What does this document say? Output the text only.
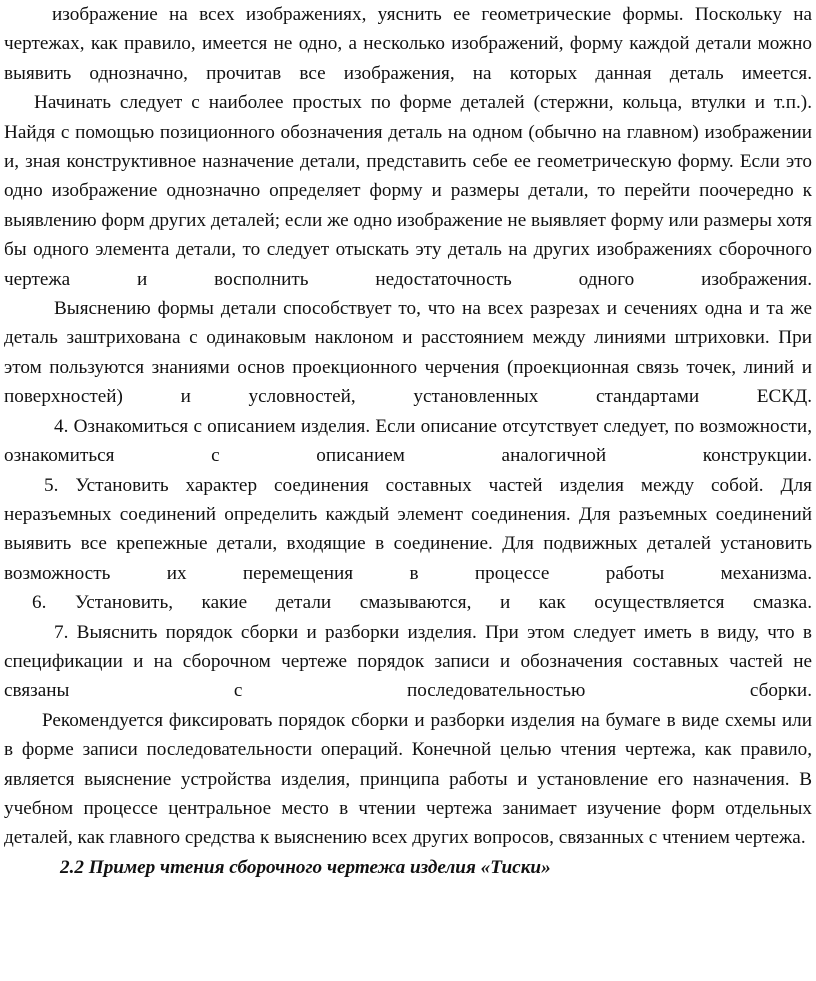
изображение на всех изображениях, уяснить ее геометрические формы. Поскольку на чертежах, как правило, имеется не одно, а несколько изображений, форму каждой детали можно выявить однозначно, прочитав все изображения, на которых данная деталь имеется.

Начинать следует с наиболее простых по форме деталей (стержни, кольца, втулки и т.п.). Найдя с помощью позиционного обозначения деталь на одном (обычно на главном) изображении и, зная конструктивное назначение детали, представить себе ее геометрическую форму. Если это одно изображение однозначно определяет форму и размеры детали, то перейти поочередно к выявлению форм других деталей; если же одно изображение не выявляет форму или размеры хотя бы одного элемента детали, то следует отыскать эту деталь на других изображениях сборочного чертежа и восполнить недостаточность одного изображения.

Выяснению формы детали способствует то, что на всех разрезах и сечениях одна и та же деталь заштрихована с одинаковым наклоном и расстоянием между линиями штриховки. При этом пользуются знаниями основ проекционного черчения (проекционная связь точек, линий и поверхностей) и условностей, установленных стандартами ЕСКД.

4. Ознакомиться с описанием изделия. Если описание отсутствует следует, по возможности, ознакомиться с описанием аналогичной конструкции.

5. Установить характер соединения составных частей изделия между собой. Для неразъемных соединений определить каждый элемент соединения. Для разъемных соединений выявить все крепежные детали, входящие в соединение. Для подвижных деталей установить возможность их перемещения в процессе работы механизма.

6. Установить, какие детали смазываются, и как осуществляется смазка.

7. Выяснить порядок сборки и разборки изделия. При этом следует иметь в виду, что в спецификации и на сборочном чертеже порядок записи и обозначения составных частей не связаны с последовательностью сборки.

Рекомендуется фиксировать порядок сборки и разборки изделия на бумаге в виде схемы или в форме записи последовательности операций. Конечной целью чтения чертежа, как правило, является выяснение устройства изделия, принципа работы и установление его назначения. В учебном процессе центральное место в чтении чертежа занимает изучение форм отдельных деталей, как главного средства к выяснению всех других вопросов, связанных с чтением чертежа.

2.2 Пример чтения сборочного чертежа изделия «Тиски»
